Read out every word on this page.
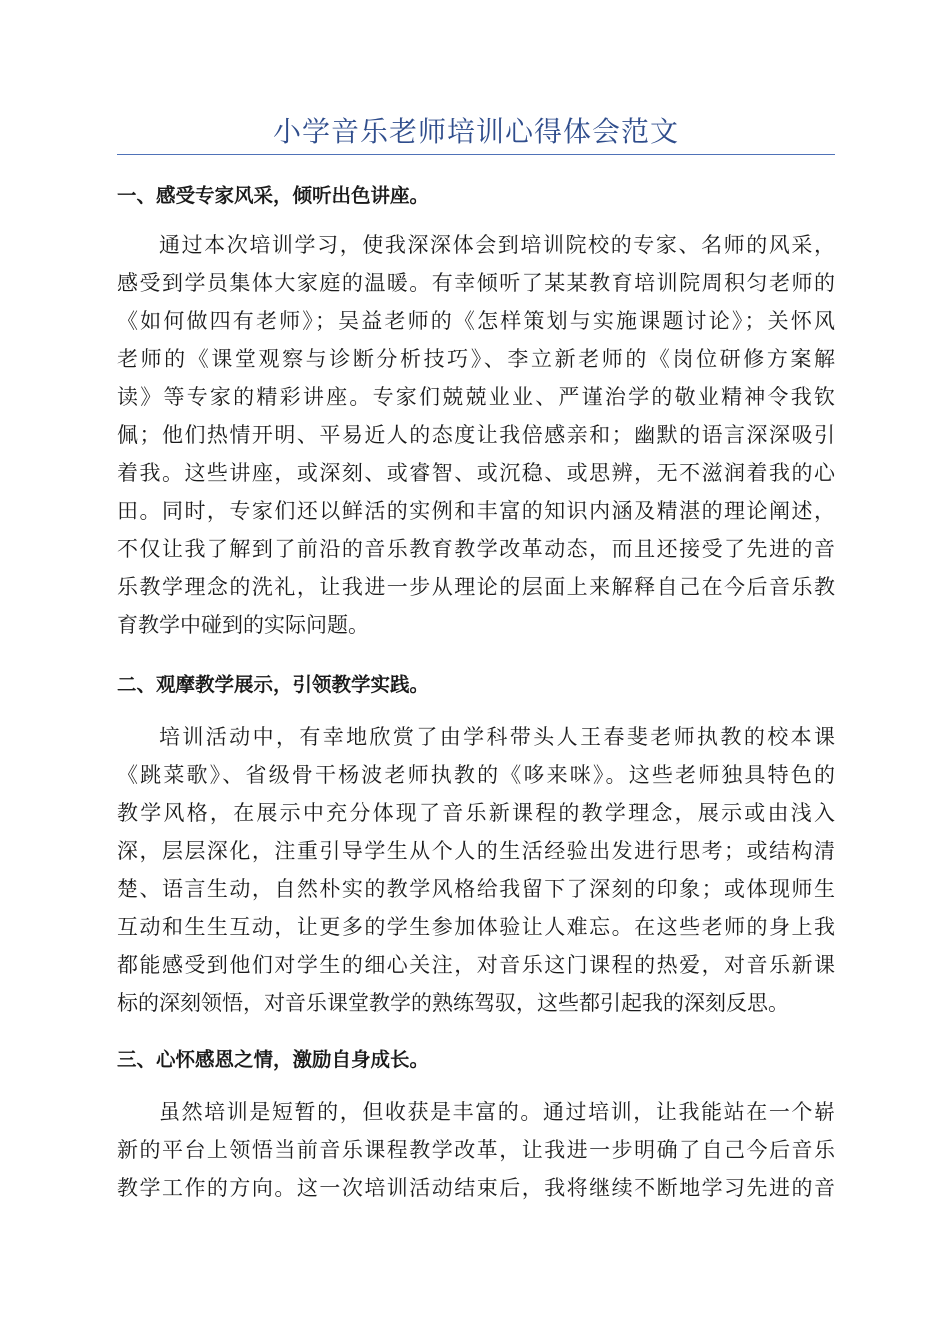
小学音乐老师培训心得体会范文
一、感受专家风采，倾听出色讲座。
通过本次培训学习，使我深深体会到培训院校的专家、名师的风采，
感受到学员集体大家庭的温暖。有幸倾听了某某教育培训院周积匀老师的
《如何做四有老师》；吴益老师的《怎样策划与实施课题讨论》；关怀风
老师的《课堂观察与诊断分析技巧》、李立新老师的《岗位研修方案解
读》等专家的精彩讲座。专家们兢兢业业、严谨治学的敬业精神令我钦
佩；他们热情开明、平易近人的态度让我倍感亲和；幽默的语言深深吸引
着我。这些讲座，或深刻、或睿智、或沉稳、或思辨，无不滋润着我的心
田。同时，专家们还以鲜活的实例和丰富的知识内涵及精湛的理论阐述，
不仅让我了解到了前沿的音乐教育教学改革动态，而且还接受了先进的音
乐教学理念的洗礼，让我进一步从理论的层面上来解释自己在今后音乐教
育教学中碰到的实际问题。
二、观摩教学展示，引领教学实践。
培训活动中，有幸地欣赏了由学科带头人王春斐老师执教的校本课
《跳菜歌》、省级骨干杨波老师执教的《哆来咪》。这些老师独具特色的
教学风格，在展示中充分体现了音乐新课程的教学理念，展示或由浅入
深，层层深化，注重引导学生从个人的生活经验出发进行思考；或结构清
楚、语言生动，自然朴实的教学风格给我留下了深刻的印象；或体现师生
互动和生生互动，让更多的学生参加体验让人难忘。在这些老师的身上我
都能感受到他们对学生的细心关注，对音乐这门课程的热爱，对音乐新课
标的深刻领悟，对音乐课堂教学的熟练驾驭，这些都引起我的深刻反思。
三、心怀感恩之情，激励自身成长。
虽然培训是短暂的，但收获是丰富的。通过培训，让我能站在一个崭
新的平台上领悟当前音乐课程教学改革，让我进一步明确了自己今后音乐
教学工作的方向。这一次培训活动结束后，我将继续不断地学习先进的音
